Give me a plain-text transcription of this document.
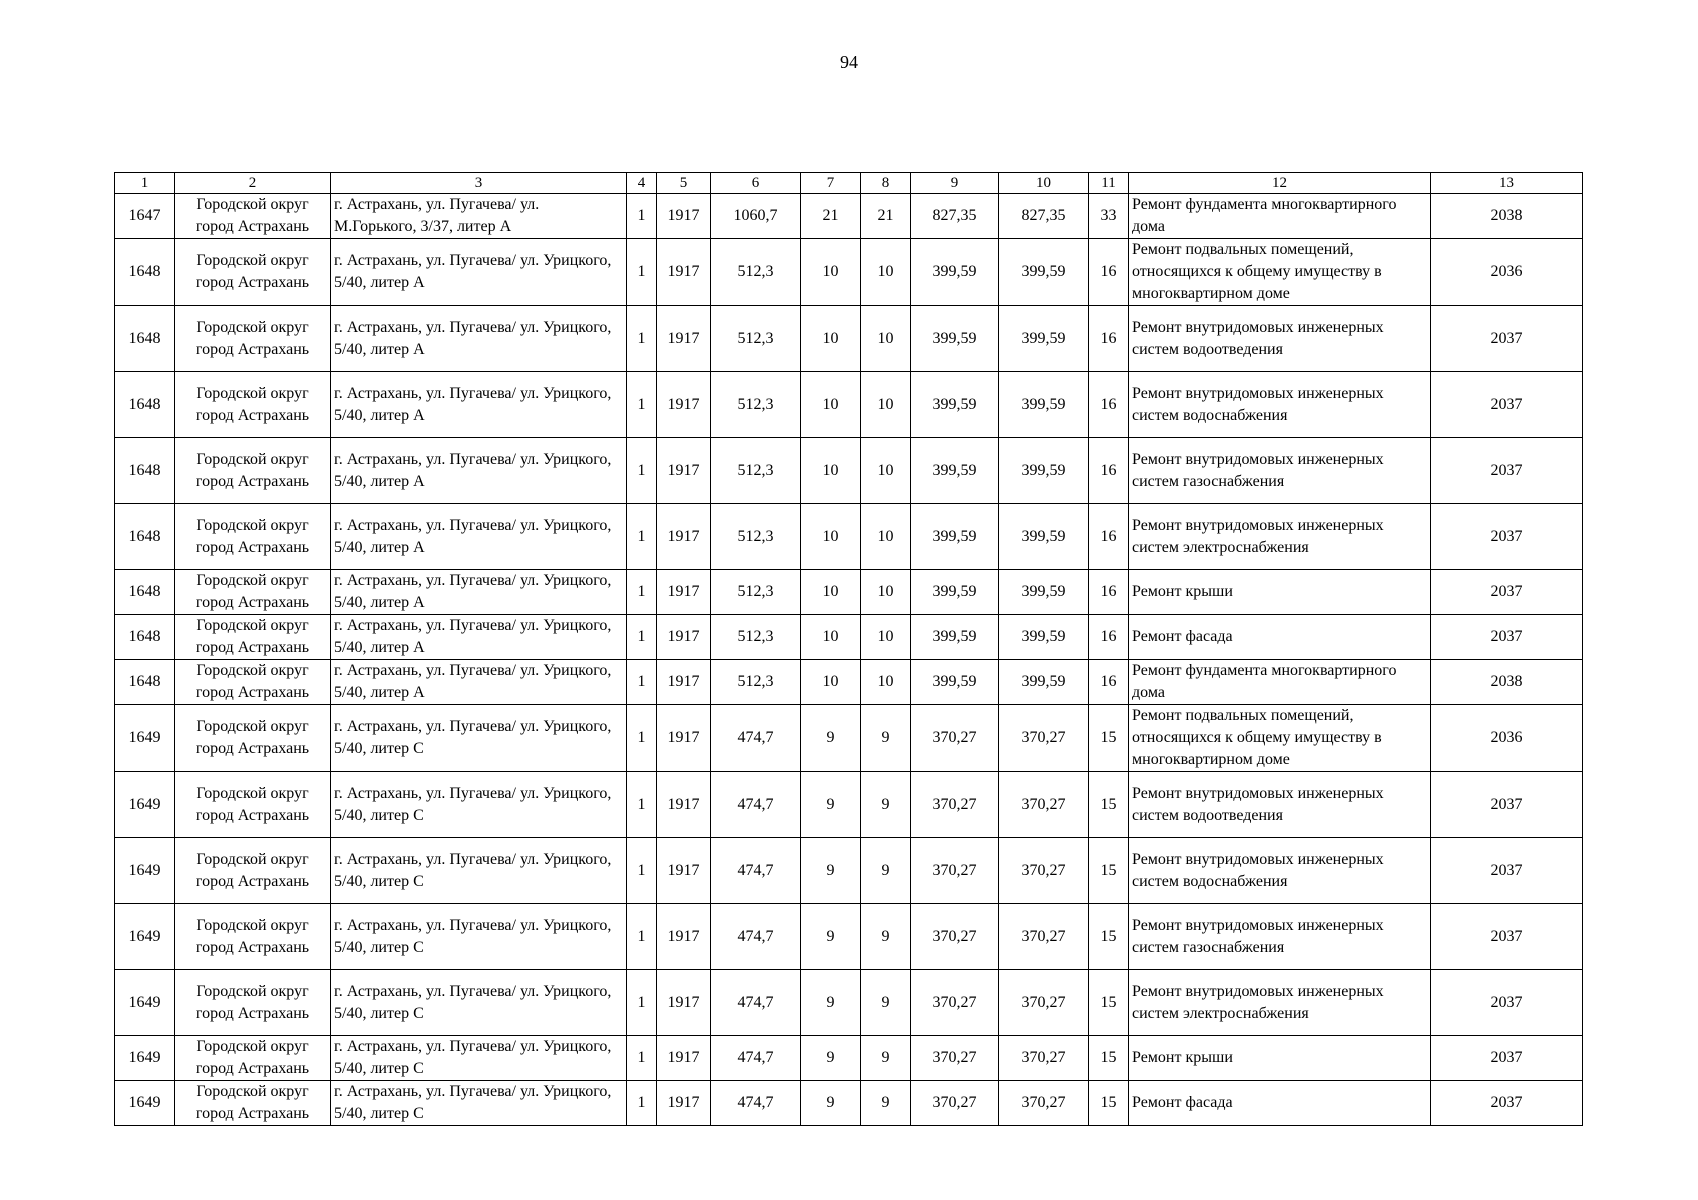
94
1	2	3	4	5	6	7	8	9	10	11	12	13
1647	Городской округ город Астрахань	г. Астрахань, ул. Пугачева/ ул. М.Горького, 3/37, литер А	1	1917	1060,7	21	21	827,35	827,35	33	Ремонт фундамента многоквартирного дома	2038
1648	Городской округ город Астрахань	г. Астрахань, ул. Пугачева/ ул. Урицкого, 5/40, литер А	1	1917	512,3	10	10	399,59	399,59	16	Ремонт подвальных помещений, относящихся к общему имуществу в многоквартирном доме	2036
1648	Городской округ город Астрахань	г. Астрахань, ул. Пугачева/ ул. Урицкого, 5/40, литер А	1	1917	512,3	10	10	399,59	399,59	16	Ремонт внутридомовых инженерных систем водоотведения	2037
1648	Городской округ город Астрахань	г. Астрахань, ул. Пугачева/ ул. Урицкого, 5/40, литер А	1	1917	512,3	10	10	399,59	399,59	16	Ремонт внутридомовых инженерных систем водоснабжения	2037
1648	Городской округ город Астрахань	г. Астрахань, ул. Пугачева/ ул. Урицкого, 5/40, литер А	1	1917	512,3	10	10	399,59	399,59	16	Ремонт внутридомовых инженерных систем газоснабжения	2037
1648	Городской округ город Астрахань	г. Астрахань, ул. Пугачева/ ул. Урицкого, 5/40, литер А	1	1917	512,3	10	10	399,59	399,59	16	Ремонт внутридомовых инженерных систем электроснабжения	2037
1648	Городской округ город Астрахань	г. Астрахань, ул. Пугачева/ ул. Урицкого, 5/40, литер А	1	1917	512,3	10	10	399,59	399,59	16	Ремонт крыши	2037
1648	Городской округ город Астрахань	г. Астрахань, ул. Пугачева/ ул. Урицкого, 5/40, литер А	1	1917	512,3	10	10	399,59	399,59	16	Ремонт фасада	2037
1648	Городской округ город Астрахань	г. Астрахань, ул. Пугачева/ ул. Урицкого, 5/40, литер А	1	1917	512,3	10	10	399,59	399,59	16	Ремонт фундамента многоквартирного дома	2038
1649	Городской округ город Астрахань	г. Астрахань, ул. Пугачева/ ул. Урицкого, 5/40, литер С	1	1917	474,7	9	9	370,27	370,27	15	Ремонт подвальных помещений, относящихся к общему имуществу в многоквартирном доме	2036
1649	Городской округ город Астрахань	г. Астрахань, ул. Пугачева/ ул. Урицкого, 5/40, литер С	1	1917	474,7	9	9	370,27	370,27	15	Ремонт внутридомовых инженерных систем водоотведения	2037
1649	Городской округ город Астрахань	г. Астрахань, ул. Пугачева/ ул. Урицкого, 5/40, литер С	1	1917	474,7	9	9	370,27	370,27	15	Ремонт внутридомовых инженерных систем водоснабжения	2037
1649	Городской округ город Астрахань	г. Астрахань, ул. Пугачева/ ул. Урицкого, 5/40, литер С	1	1917	474,7	9	9	370,27	370,27	15	Ремонт внутридомовых инженерных систем газоснабжения	2037
1649	Городской округ город Астрахань	г. Астрахань, ул. Пугачева/ ул. Урицкого, 5/40, литер С	1	1917	474,7	9	9	370,27	370,27	15	Ремонт внутридомовых инженерных систем электроснабжения	2037
1649	Городской округ город Астрахань	г. Астрахань, ул. Пугачева/ ул. Урицкого, 5/40, литер С	1	1917	474,7	9	9	370,27	370,27	15	Ремонт крыши	2037
1649	Городской округ город Астрахань	г. Астрахань, ул. Пугачева/ ул. Урицкого, 5/40, литер С	1	1917	474,7	9	9	370,27	370,27	15	Ремонт фасада	2037
